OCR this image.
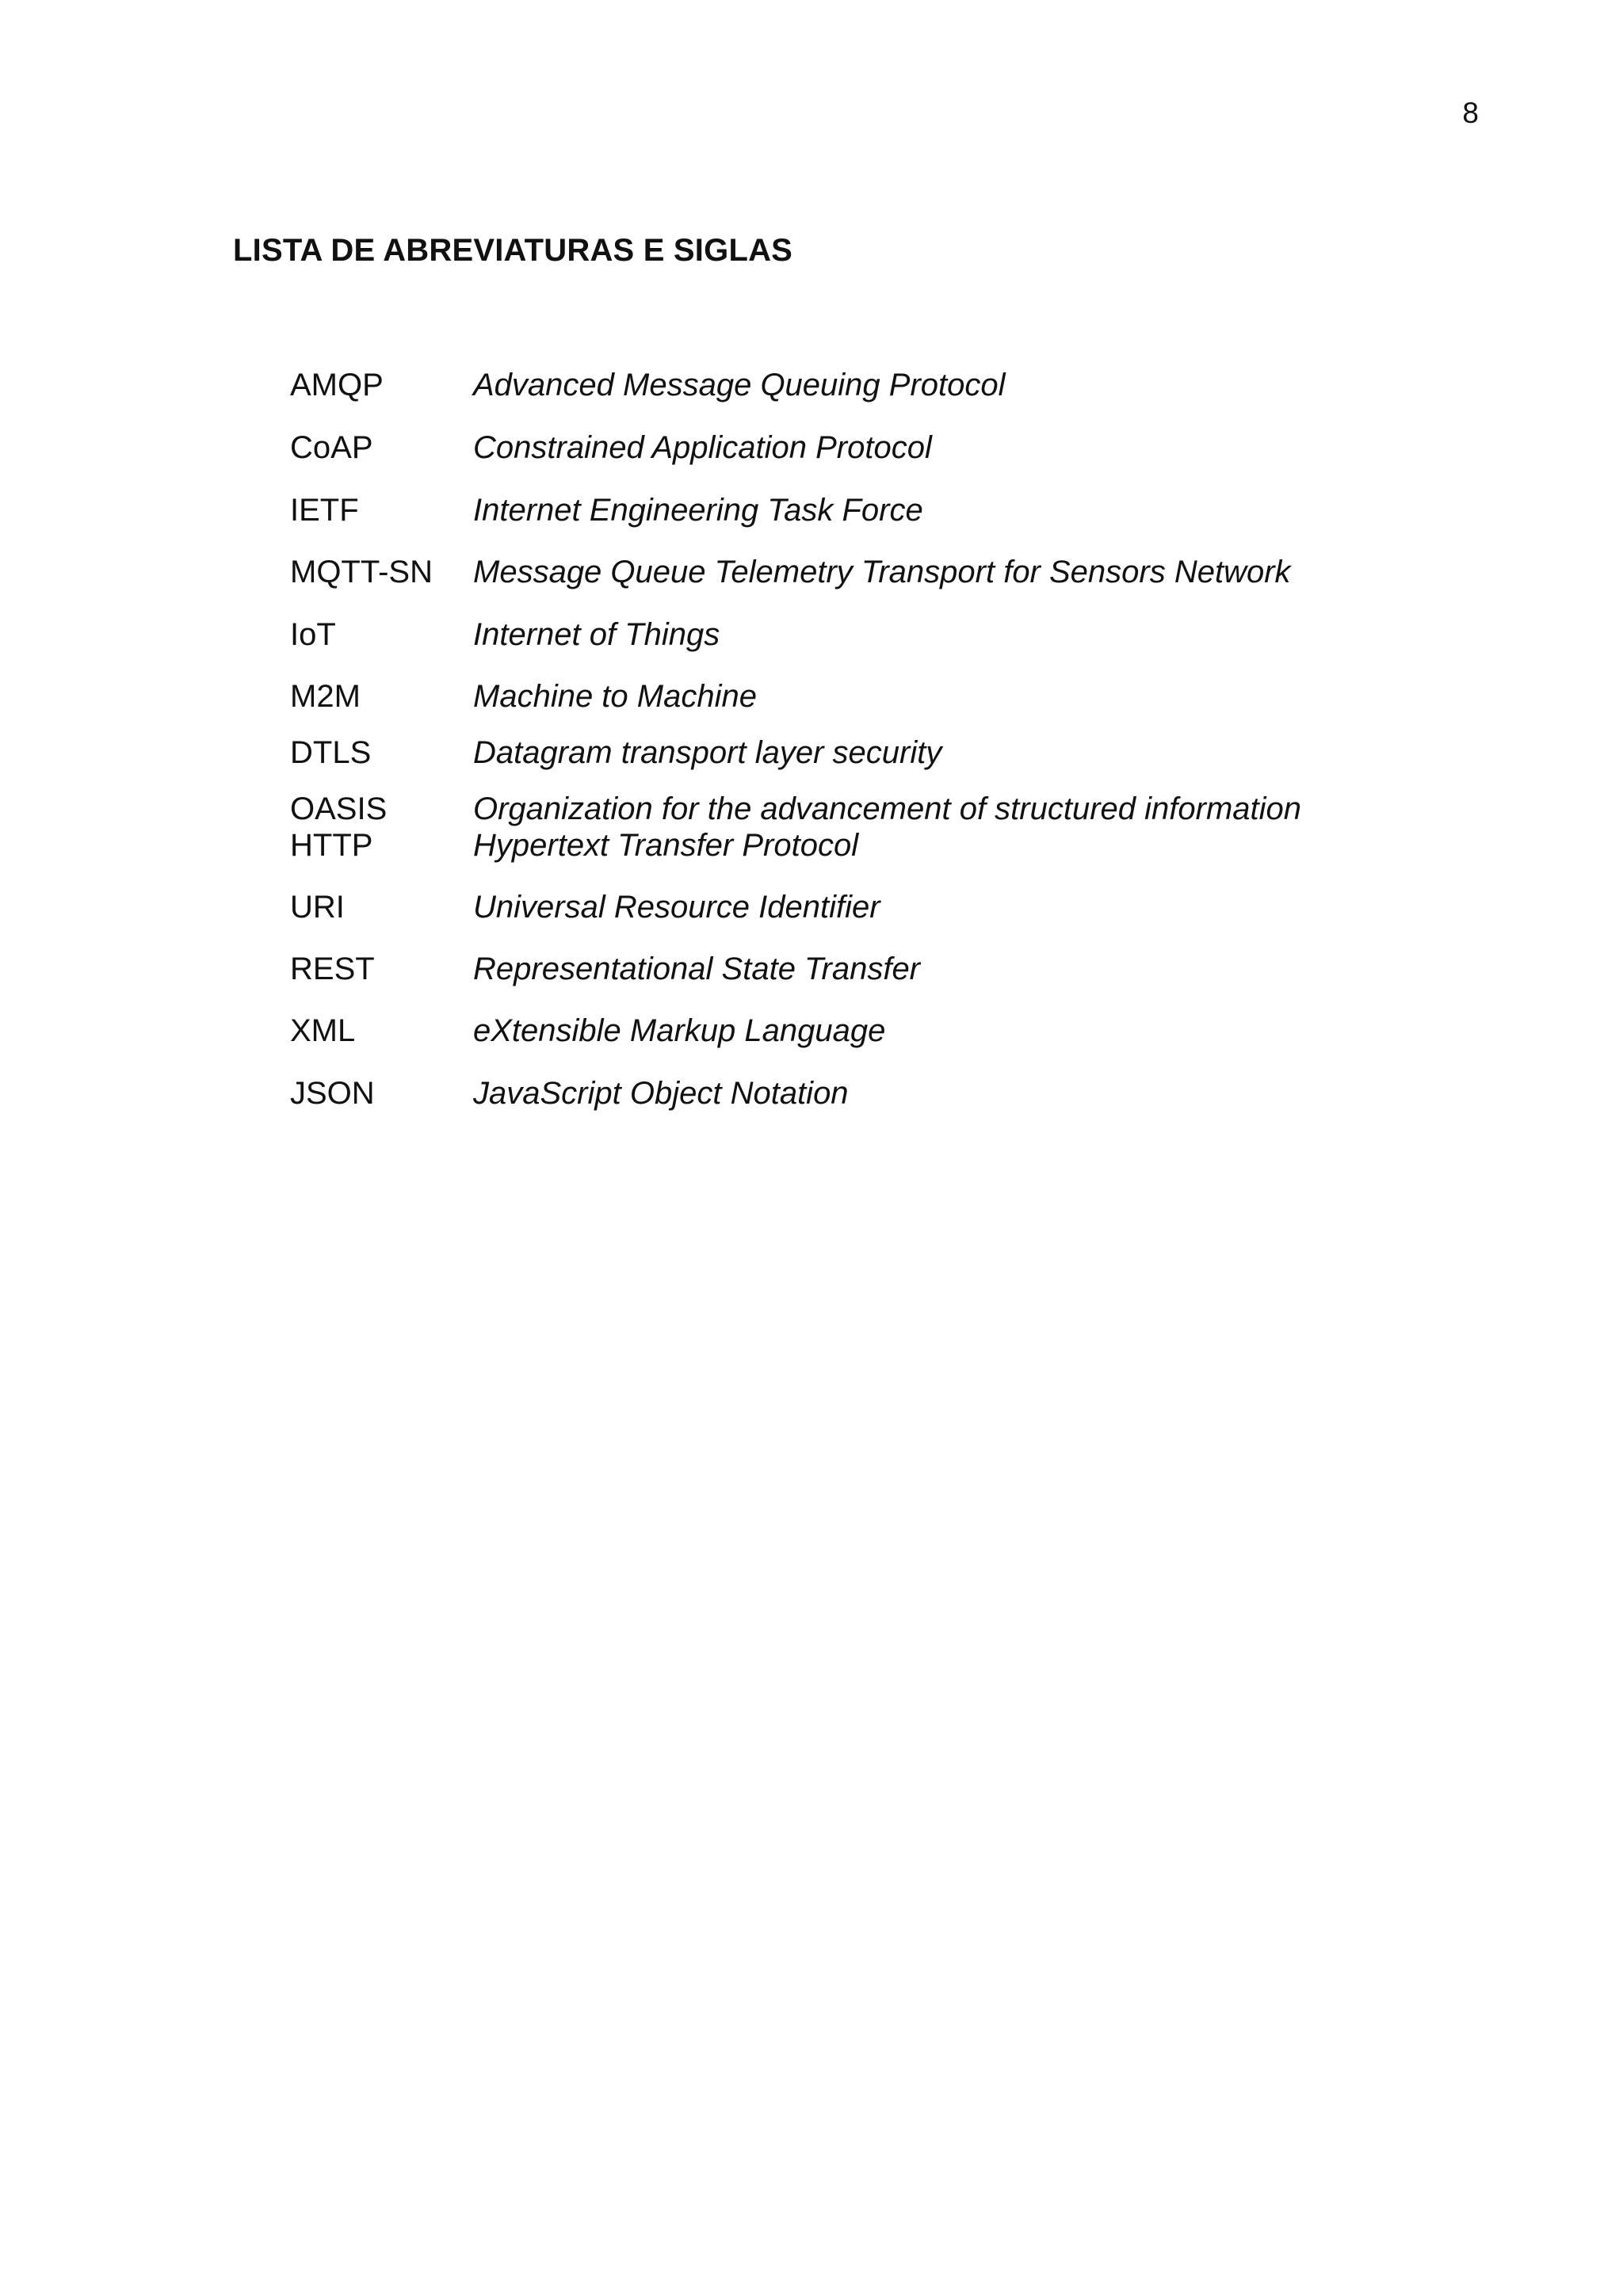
8
LISTA DE ABREVIATURAS E SIGLAS
AMQP	Advanced Message Queuing Protocol
CoAP	Constrained Application Protocol
IETF	Internet Engineering Task Force
MQTT-SN Message Queue Telemetry Transport for Sensors Network
IoT	Internet of Things
M2M	Machine to Machine
DTLS	Datagram transport layer security
OASIS	Organization for the advancement of structured information
HTTP	Hypertext Transfer Protocol
URI	Universal Resource Identifier
REST	Representational State Transfer
XML	eXtensible Markup Language
JSON	JavaScript Object Notation
